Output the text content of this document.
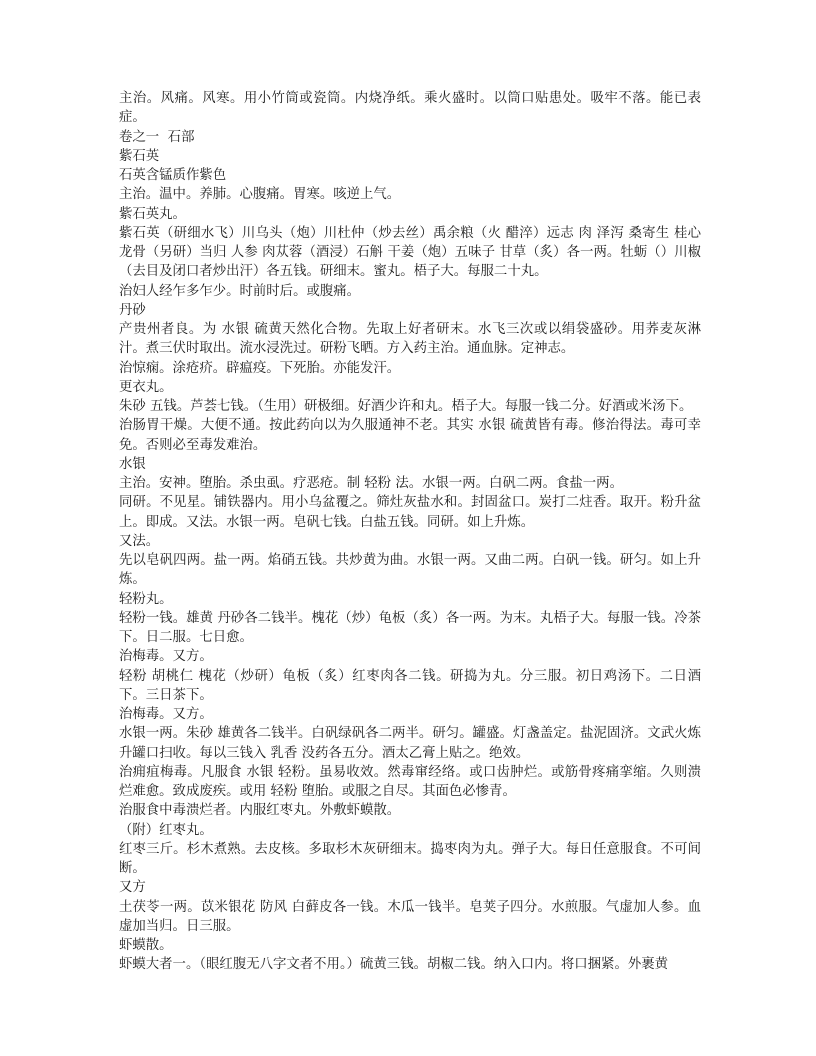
主治。风痛。风寒。用小竹筒或瓷筒。内烧净纸。乘火盛时。以筒口贴患处。吸牢不落。能已表症。

卷之一  石部

紫石英

石英含锰质作紫色

主治。温中。养肺。心腹痛。胃寒。咳逆上气。

紫石英丸。

紫石英（研细水飞）川乌头（炮）川杜仲（炒去丝）禹余粮（火 醋淬）远志 肉 泽泻 桑寄生 桂心 龙骨（另研）当归 人参 肉苁蓉（酒浸）石斛 干姜（炮）五味子 甘草（炙）各一两。牡蛎（）川椒（去目及闭口者炒出汗）各五钱。研细末。蜜丸。梧子大。每服二十丸。

治妇人经乍多乍少。时前时后。或腹痛。

丹砂

产贵州者良。为 水银 硫黄天然化合物。先取上好者研末。水飞三次或以绢袋盛砂。用荞麦灰淋汁。煮三伏时取出。流水浸洗过。研粉飞晒。方入药主治。通血脉。定神志。

治惊痫。涂疮疥。辟瘟疫。下死胎。亦能发汗。

更衣丸。

朱砂 五钱。芦荟七钱。（生用）研极细。好酒少许和丸。梧子大。每服一钱二分。好酒或米汤下。

治肠胃干燥。大便不通。按此药向以为久服通神不老。其实 水银 硫黄皆有毒。修治得法。毒可幸免。否则必至毒发难治。

水银

主治。安神。堕胎。杀虫虱。疗恶疮。制 轻粉 法。水银一两。白矾二两。食盐一两。

同研。不见星。铺铁器内。用小乌盆覆之。筛灶灰盐水和。封固盆口。炭打二炷香。取开。粉升盆上。即成。又法。水银一两。皂矾七钱。白盐五钱。同研。如上升炼。

又法。

先以皂矾四两。盐一两。焰硝五钱。共炒黄为曲。水银一两。又曲二两。白矾一钱。研匀。如上升炼。

轻粉丸。

轻粉一钱。雄黄 丹砂各二钱半。槐花（炒）龟板（炙）各一两。为末。丸梧子大。每服一钱。冷茶下。日二服。七日愈。

治梅毒。又方。

轻粉 胡桃仁 槐花（炒研）龟板（炙）红枣肉各二钱。研捣为丸。分三服。初日鸡汤下。二日酒下。三日茶下。

治梅毒。又方。

水银一两。朱砂 雄黄各二钱半。白矾绿矾各二两半。研匀。罐盛。灯盏盖定。盐泥固济。文武火炼升罐口扫收。每以三钱入 乳香 没药各五分。酒太乙膏上贴之。绝效。

治痈疽梅毒。凡服食 水银 轻粉。虽易收效。然毒窜经络。或口齿肿烂。或筋骨疼痛挛缩。久则溃烂难愈。致成废疾。或用 轻粉 堕胎。或服之自尽。其面色必惨青。

治服食中毒溃烂者。内服红枣丸。外敷虾蟆散。

（附）红枣丸。

红枣三斤。杉木煮熟。去皮核。多取杉木灰研细末。捣枣肉为丸。弹子大。每日任意服食。不可间断。

又方

土茯苓一两。苡米银花 防风 白藓皮各一钱。木瓜一钱半。皂荚子四分。水煎服。气虚加人参。血虚加当归。日三服。

虾蟆散。

虾蟆大者一。（眼红腹无八字文者不用。）硫黄三钱。胡椒二钱。纳入口内。将口捆紧。外裹黄
